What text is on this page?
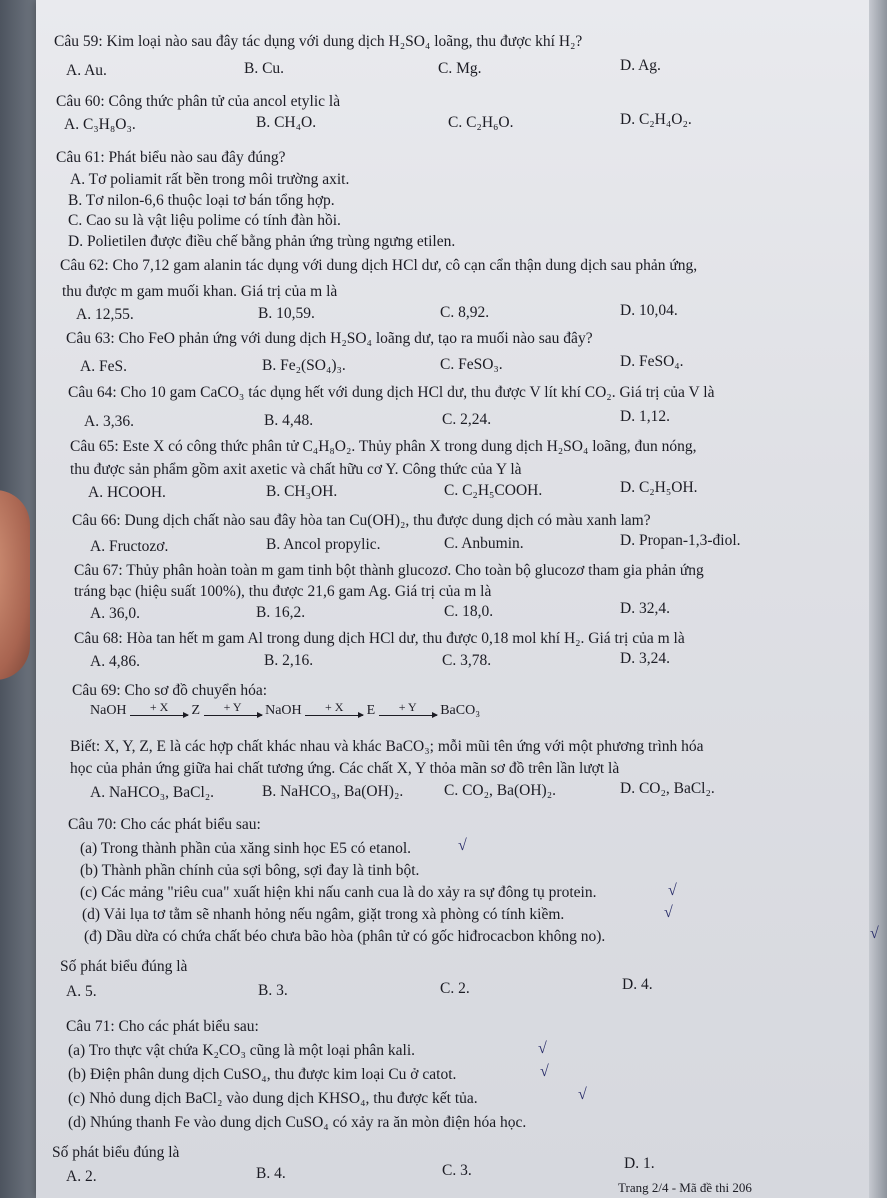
Câu 59: Kim loại nào sau đây tác dụng với dung dịch H₂SO₄ loãng, thu được khí H₂?
A. Au.	B. Cu.	C. Mg.	D. Ag.
Câu 60: Công thức phân tử của ancol etylic là
A. C₃H₈O₃.	B. CH₄O.	C. C₂H₆O.	D. C₂H₄O₂.
Câu 61: Phát biểu nào sau đây đúng?
A. Tơ poliamit rất bền trong môi trường axit.
B. Tơ nilon-6,6 thuộc loại tơ bán tổng hợp.
C. Cao su là vật liệu polime có tính đàn hồi.
D. Polietilen được điều chế bằng phản ứng trùng ngưng etilen.
Câu 62: Cho 7,12 gam alanin tác dụng với dung dịch HCl dư, cô cạn cẩn thận dung dịch sau phản ứng,
thu được m gam muối khan. Giá trị của m là
A. 12,55.	B. 10,59.	C. 8,92.	D. 10,04.
Câu 63: Cho FeO phản ứng với dung dịch H₂SO₄ loãng dư, tạo ra muối nào sau đây?
A. FeS.	B. Fe₂(SO₄)₃.	C. FeSO₃.	D. FeSO₄.
Câu 64: Cho 10 gam CaCO₃ tác dụng hết với dung dịch HCl dư, thu được V lít khí CO₂. Giá trị của V là
A. 3,36.	B. 4,48.	C. 2,24.	D. 1,12.
Câu 65: Este X có công thức phân tử C₄H₈O₂. Thủy phân X trong dung dịch H₂SO₄ loãng, đun nóng,
thu được sản phẩm gồm axit axetic và chất hữu cơ Y. Công thức của Y là
A. HCOOH.	B. CH₃OH.	C. C₂H₅COOH.	D. C₂H₅OH.
Câu 66: Dung dịch chất nào sau đây hòa tan Cu(OH)₂, thu được dung dịch có màu xanh lam?
A. Fructozơ.	B. Ancol propylic.	C. Anbumin.	D. Propan-1,3-điol.
Câu 67: Thủy phân hoàn toàn m gam tinh bột thành glucozơ. Cho toàn bộ glucozơ tham gia phản ứng
tráng bạc (hiệu suất 100%), thu được 21,6 gam Ag. Giá trị của m là
A. 36,0.	B. 16,2.	C. 18,0.	D. 32,4.
Câu 68: Hòa tan hết m gam Al trong dung dịch HCl dư, thu được 0,18 mol khí H₂. Giá trị của m là
A. 4,86.	B. 2,16.	C. 3,78.	D. 3,24.
Câu 69: Cho sơ đồ chuyển hóa:
NaOH	+ X	Z	+ Y	NaOH	+ X	E	+ Y	BaCO₃
Biết: X, Y, Z, E là các hợp chất khác nhau và khác BaCO₃; mỗi mũi tên ứng với một phương trình hóa
học của phản ứng giữa hai chất tương ứng. Các chất X, Y thỏa mãn sơ đồ trên lần lượt là
A. NaHCO₃, BaCl₂.	B. NaHCO₃, Ba(OH)₂.	C. CO₂, Ba(OH)₂.	D. CO₂, BaCl₂.
Câu 70: Cho các phát biểu sau:
(a) Trong thành phần của xăng sinh học E5 có etanol.
(b) Thành phần chính của sợi bông, sợi đay là tinh bột.
(c) Các mảng "riêu cua" xuất hiện khi nấu canh cua là do xảy ra sự đông tụ protein.
(d) Vải lụa tơ tằm sẽ nhanh hỏng nếu ngâm, giặt trong xà phòng có tính kiềm.
(đ) Dầu dừa có chứa chất béo chưa bão hòa (phân tử có gốc hiđrocacbon không no).
Số phát biểu đúng là
A. 5.	B. 3.	C. 2.	D. 4.
Câu 71: Cho các phát biểu sau:
(a) Tro thực vật chứa K₂CO₃ cũng là một loại phân kali.
(b) Điện phân dung dịch CuSO₄, thu được kim loại Cu ở catot.
(c) Nhỏ dung dịch BaCl₂ vào dung dịch KHSO₄, thu được kết tủa.
(d) Nhúng thanh Fe vào dung dịch CuSO₄ có xảy ra ăn mòn điện hóa học.
Số phát biểu đúng là
A. 2.	B. 4.	C. 3.	D. 1.
Trang 2/4 - Mã đề thi 206
√
√
√
√
√
√
√
